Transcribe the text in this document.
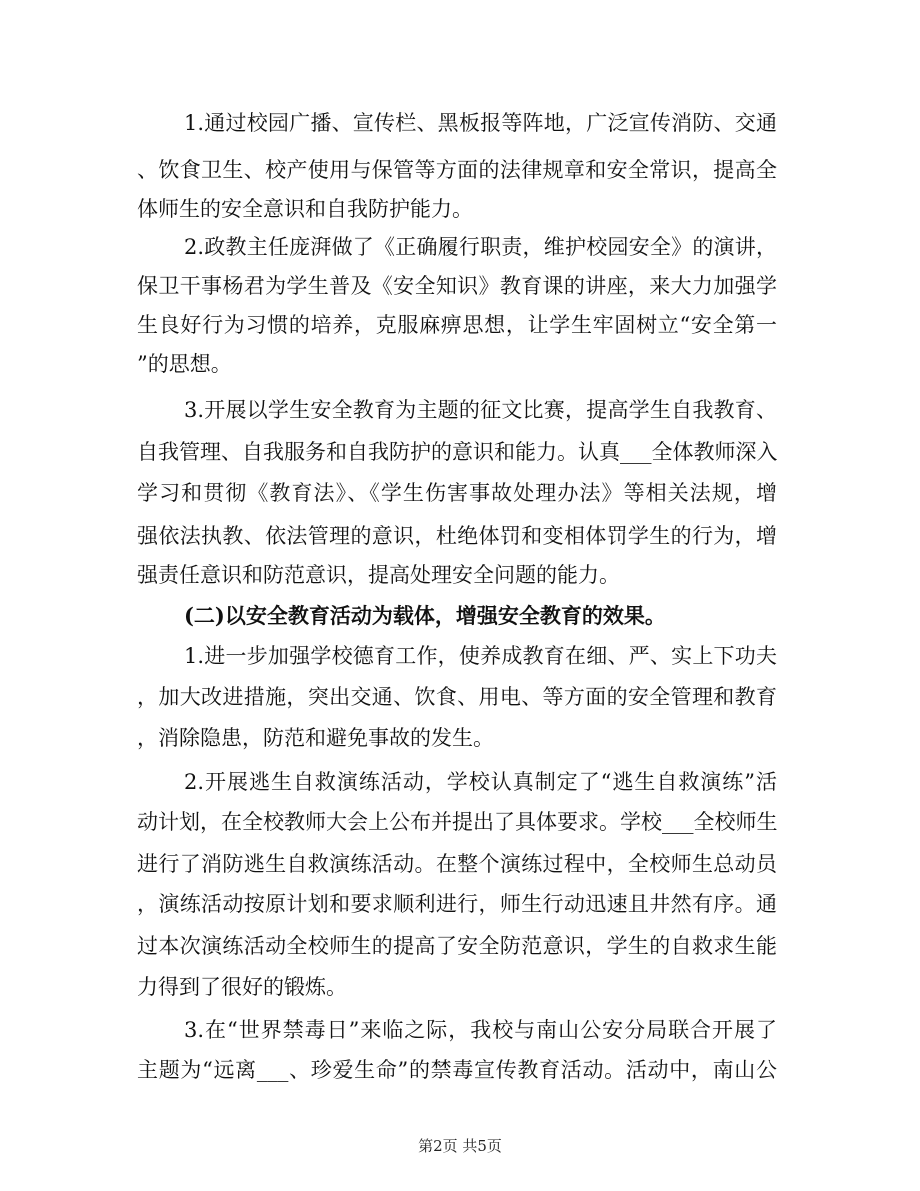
1.通过校园广播、宣传栏、黑板报等阵地，广泛宣传消防、交通
、饮食卫生、校产使用与保管等方面的法律规章和安全常识，提高全
体师生的安全意识和自我防护能力。
2.政教主任庞湃做了《正确履行职责，维护校园安全》的演讲，
保卫干事杨君为学生普及《安全知识》教育课的讲座，来大力加强学
生良好行为习惯的培养，克服麻痹思想，让学生牢固树立“安全第一
”的思想。
3.开展以学生安全教育为主题的征文比赛，提高学生自我教育、
自我管理、自我服务和自我防护的意识和能力。认真___全体教师深入
学习和贯彻《教育法》、《学生伤害事故处理办法》等相关法规，增
强依法执教、依法管理的意识，杜绝体罚和变相体罚学生的行为，增
强责任意识和防范意识，提高处理安全问题的能力。
(二)以安全教育活动为载体，增强安全教育的效果。
1.进一步加强学校德育工作，使养成教育在细、严、实上下功夫
，加大改进措施，突出交通、饮食、用电、等方面的安全管理和教育
，消除隐患，防范和避免事故的发生。
2.开展逃生自救演练活动，学校认真制定了“逃生自救演练”活
动计划，在全校教师大会上公布并提出了具体要求。学校___全校师生
进行了消防逃生自救演练活动。在整个演练过程中，全校师生总动员
，演练活动按原计划和要求顺利进行，师生行动迅速且井然有序。通
过本次演练活动全校师生的提高了安全防范意识，学生的自救求生能
力得到了很好的锻炼。
3.在“世界禁毒日”来临之际，我校与南山公安分局联合开展了
主题为“远离___、珍爱生命”的禁毒宣传教育活动。活动中，南山公
第2页 共5页
